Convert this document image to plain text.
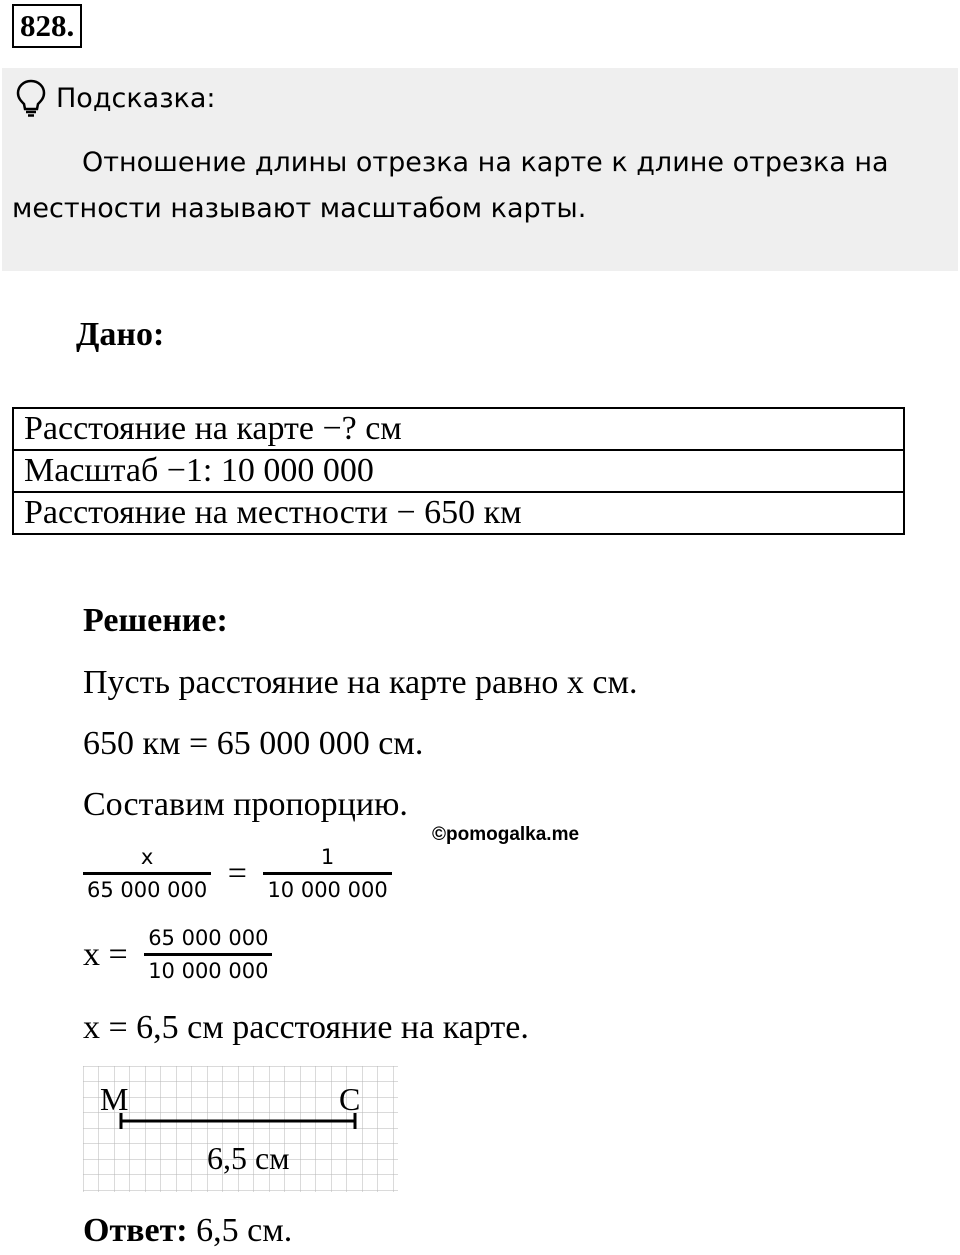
828.
Подсказка:

Отношение длины отрезка на карте к длине отрезка на местности называют масштабом карты.

Дано:
Расстояние на карте −? см
Масштаб −1: 10 000 000
Расстояние на местности − 650 км
Решение:
Пусть расстояние на карте равно x см.
650 км = 65 000 000 см.
Составим пропорцию.
©pomogalka.me
$\frac{x}{65 000 000} = \frac{1}{10 000 000}$
$x = \frac{65 000 000}{10 000 000}$
x = 6,5 см расстояние на карте.
M	C
6,5 см
Ответ: 6,5 см.
